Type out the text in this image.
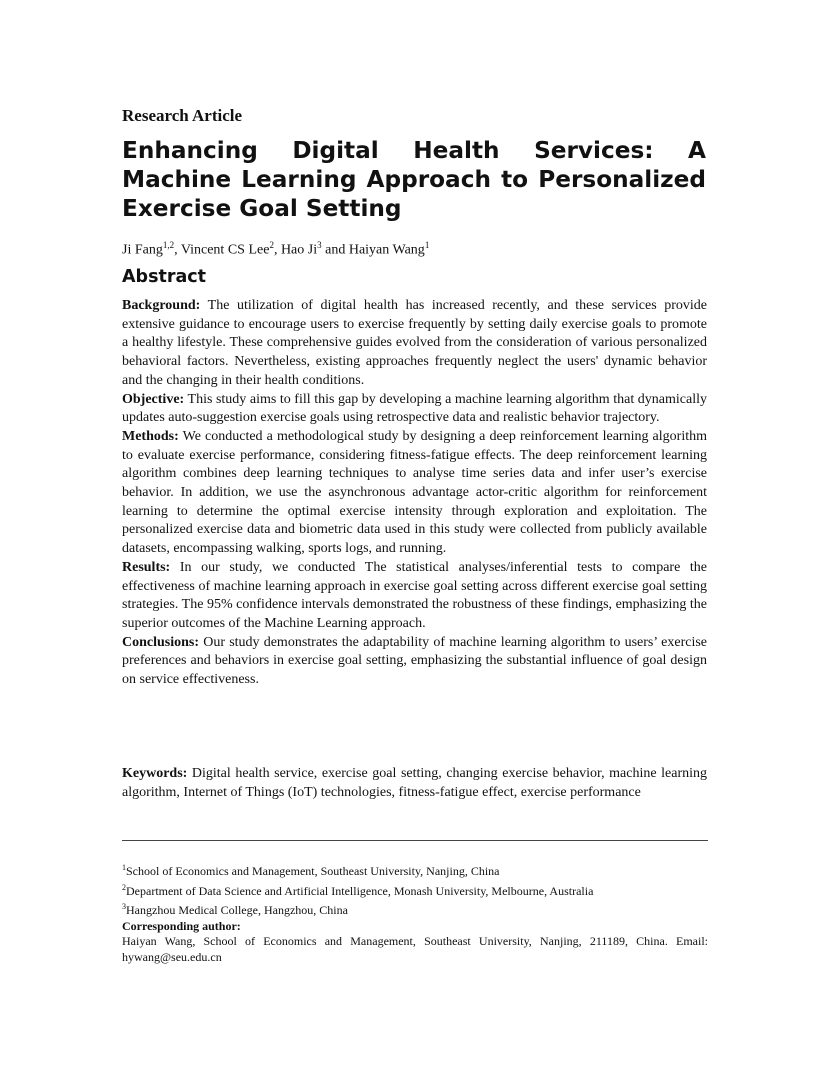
Research Article
Enhancing Digital Health Services: A Machine Learning Approach to Personalized Exercise Goal Setting
Ji Fang$^{1,2}$, Vincent CS Lee$^2$, Hao Ji$^3$ and Haiyan Wang$^1$
Abstract

Background: The utilization of digital health has increased recently, and these services provide extensive guidance to encourage users to exercise frequently by setting daily exercise goals to promote a healthy lifestyle. These comprehensive guides evolved from the consideration of various personalized behavioral factors. Nevertheless, existing approaches frequently neglect the users' dynamic behavior and the changing in their health conditions.

Objective: This study aims to fill this gap by developing a machine learning algorithm that dynamically updates auto-suggestion exercise goals using retrospective data and realistic behavior trajectory.

Methods: We conducted a methodological study by designing a deep reinforcement learning algorithm to evaluate exercise performance, considering fitness-fatigue effects. The deep reinforcement learning algorithm combines deep learning techniques to analyse time series data and infer user’s exercise behavior. In addition, we use the asynchronous advantage actor-critic algorithm for reinforcement learning to determine the optimal exercise intensity through exploration and exploitation. The personalized exercise data and biometric data used in this study were collected from publicly available datasets, encompassing walking, sports logs, and running.

Results: In our study, we conducted The statistical analyses/inferential tests to compare the effectiveness of machine learning approach in exercise goal setting across different exercise goal setting strategies. The 95% confidence intervals demonstrated the robustness of these findings, emphasizing the superior outcomes of the Machine Learning approach.

Conclusions: Our study demonstrates the adaptability of machine learning algorithm to users’ exercise preferences and behaviors in exercise goal setting, emphasizing the substantial influence of goal design on service effectiveness.

Keywords: Digital health service, exercise goal setting, changing exercise behavior, machine learning algorithm, Internet of Things (IoT) technologies, fitness-fatigue effect, exercise performance

$^1$School of Economics and Management, Southeast University, Nanjing, China
$^2$Department of Data Science and Artificial Intelligence, Monash University, Melbourne, Australia
$^3$Hangzhou Medical College, Hangzhou, China
Corresponding author:
Haiyan Wang, School of Economics and Management, Southeast University, Nanjing, 211189, China. Email: hywang@seu.edu.cn
